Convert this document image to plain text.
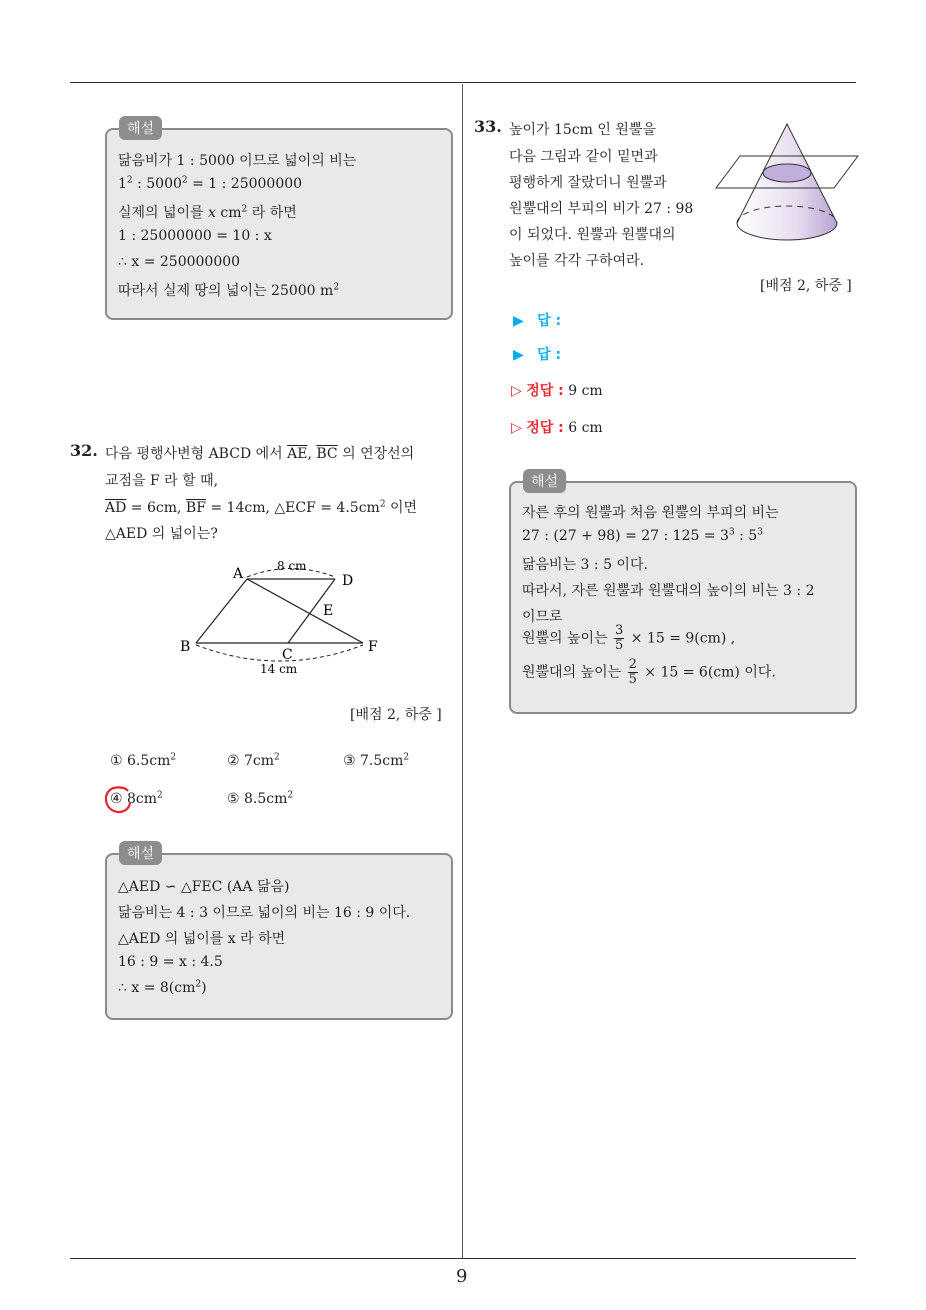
해설
닮음비가 1 : 5000 이므로 넓이의 비는
$1^2$ : $5000^2 = 1$ : 25000000
실제의 넓이를 x $cm^2$ 라 하면
1 : 25000000 = 10 : x
∴ x = 250000000
따라서 실제 땅의 넓이는 25000 $m^2$
32. 다음 평행사변형 ABCD 에서 $\overline{AE}$, $\overline{BC}$ 의 연장선의
교점을 F 라 할 때,
$\overline{AD} = 6cm$, $\overline{BF} = 14cm$, △ECF = $4.5cm^2$ 이면
△AED 의 넓이는?
A	D
E
B	C	F
8 cm
14 cm
[배점 2, 하중 ]
① $6.5cm^2$	② $7cm^2$	③ $7.5cm^2$
④ $8cm^2$	⑤ $8.5cm^2$
해설
△AED ∽ △FEC (AA 닮음)
닮음비는 4 : 3 이므로 넓이의 비는 16 : 9 이다.
△AED 의 넓이를 x 라 하면
16 : 9 = x : 4.5
∴ $x = 8(cm^2)$
33. 높이가 15cm 인 원뿔을
다음 그림과 같이 밑면과
평행하게 잘랐더니 원뿔과
원뿔대의 부피의 비가 27 : 98
이 되었다. 원뿔과 원뿔대의
높이를 각각 구하여라.
[배점 2, 하중 ]
▶ 답 :
▶ 답 :
▷ 정답 : 9 cm
▷ 정답 : 6 cm
해설
자른 후의 원뿔과 처음 원뿔의 부피의 비는
27 : (27 + 98) = 27 : $125 = 3^3$ : $5^3$
닮음비는 3 : 5 이다.
따라서, 자른 원뿔과 원뿔대의 높이의 비는 3 : 2
이므로
원뿔의 높이는 $\frac{3}{5} \times 15 = 9(cm)$ ,
원뿔대의 높이는 $\frac{2}{5} \times 15 = 6(cm)$ 이다.
9
